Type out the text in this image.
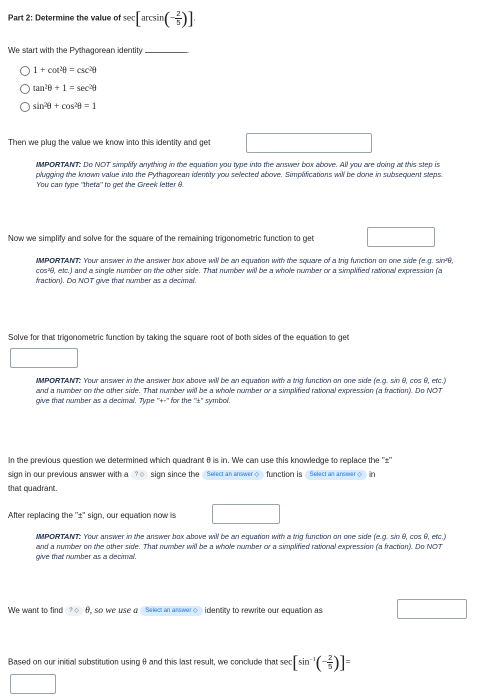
Part 2: Determine the value of $\sec[\arcsin(- \frac{2}{5}$ )].
We start with the Pythagorean identity	.
1 + cot²θ = csc²θ
tan²θ + 1 = sec²θ
sin²θ + cos²θ = 1
Then we plug the value we know into this identity and get
IMPORTANT: Do NOT simplify anything in the equation you type into the answer box above. All you are doing at this step is plugging the known value into the Pythagorean identity you selected above. Simplifications will be done in subsequent steps. You can type "theta" to get the Greek letter θ.
Now we simplify and solve for the square of the remaining trigonometric function to get
IMPORTANT: Your answer in the answer box above will be an equation with the square of a trig function on one side (e.g. sin²θ, cos²θ, etc.) and a single number on the other side. That number will be a whole number or a simplified rational expression (a fraction). Do NOT give that number as a decimal.
Solve for that trigonometric function by taking the square root of both sides of the equation to get
IMPORTANT: Your answer in the answer box above will be an equation with a trig function on one side (e.g. sin θ, cos θ, etc.) and a number on the other side. That number will be a whole number or a simplified rational expression (a fraction). Do NOT give that number as a decimal. Type "+-" for the "±" symbol.
In the previous question we determined which quadrant θ is in. We can use this knowledge to replace the "±"
sign in our previous answer with a ? ◇ sign since the Select an answer ◇ function is Select an answer ◇ in
that quadrant.
After replacing the "±" sign, our equation now is
IMPORTANT: Your answer in the answer box above will be an equation with a trig function on one side (e.g. sin θ, cos θ, etc.) and a number on the other side. That number will be a whole number or a simplified rational expression (a fraction). Do NOT give that number as a decimal.
We want to find ? ◇ θ, so we use a Select an answer ◇ identity to rewrite our equation as
Based on our initial substitution using θ and this last result, we conclude that $\sec[\sin^{-1}(- \frac{2}{5}$ )]=
